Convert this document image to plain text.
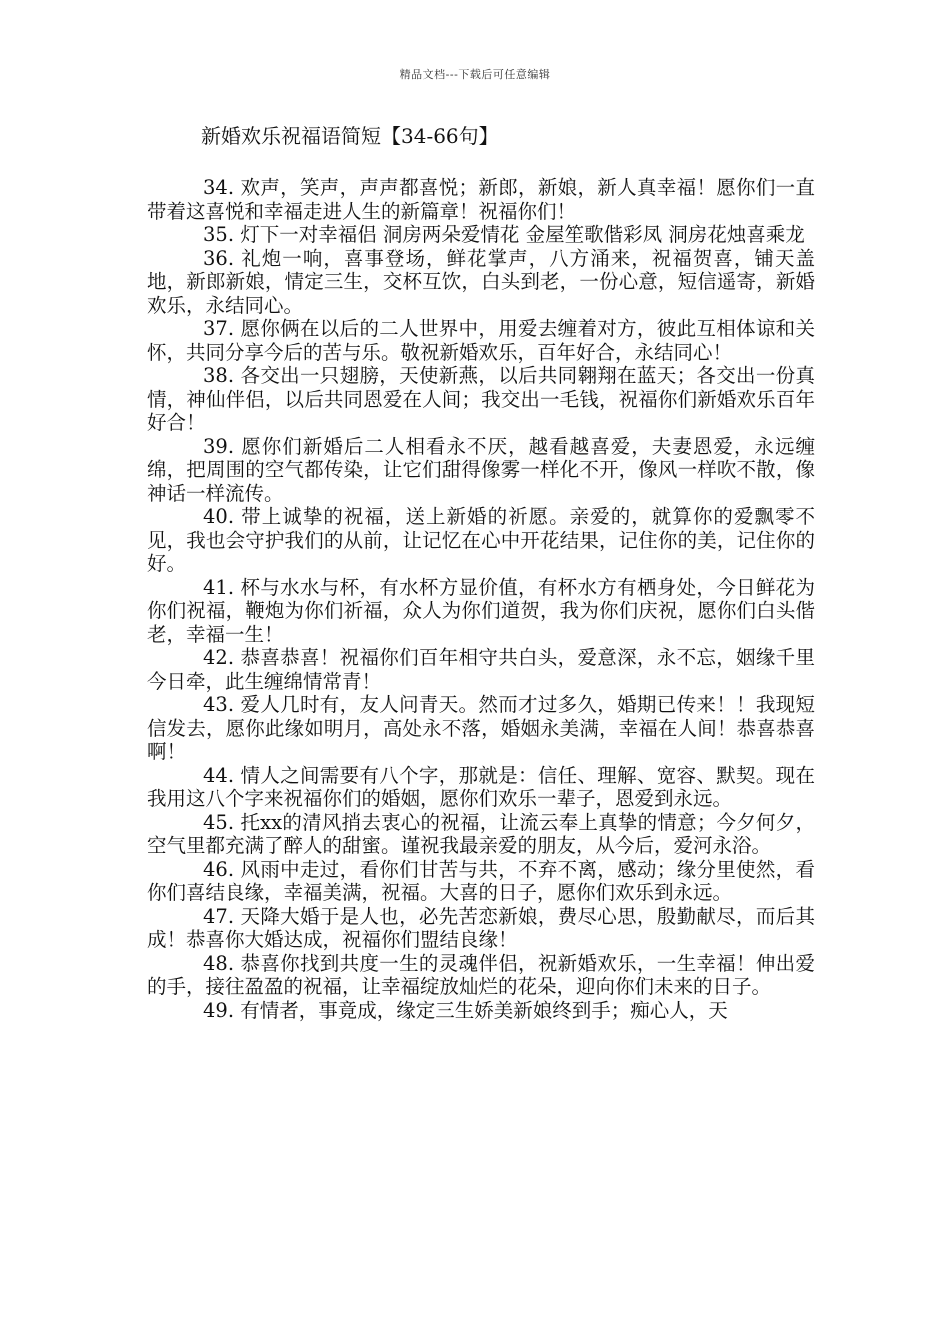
精品文档---下载后可任意编辑
新婚欢乐祝福语简短【34-66句】

34. 欢声，笑声，声声都喜悦；新郎，新娘，新人真幸福！愿你们一直带着这喜悦和幸福走进人生的新篇章！祝福你们！

35. 灯下一对幸福侣 洞房两朵爱情花 金屋笙歌偕彩凤 洞房花烛喜乘龙

36. 礼炮一响，喜事登场，鲜花掌声，八方涌来，祝福贺喜，铺天盖地，新郎新娘，情定三生，交杯互饮，白头到老，一份心意，短信遥寄，新婚欢乐，永结同心。

37. 愿你俩在以后的二人世界中，用爱去缠着对方，彼此互相体谅和关怀，共同分享今后的苦与乐。敬祝新婚欢乐，百年好合，永结同心！

38. 各交出一只翅膀，天使新燕，以后共同翱翔在蓝天；各交出一份真情，神仙伴侣，以后共同恩爱在人间；我交出一毛钱，祝福你们新婚欢乐百年好合！

39. 愿你们新婚后二人相看永不厌，越看越喜爱，夫妻恩爱，永远缠绵，把周围的空气都传染，让它们甜得像雾一样化不开，像风一样吹不散，像神话一样流传。

40. 带上诚挚的祝福，送上新婚的祈愿。亲爱的，就算你的爱飘零不见，我也会守护我们的从前，让记忆在心中开花结果，记住你的美，记住你的好。

41. 杯与水水与杯，有水杯方显价值，有杯水方有栖身处，今日鲜花为你们祝福，鞭炮为你们祈福，众人为你们道贺，我为你们庆祝，愿你们白头偕老，幸福一生！

42. 恭喜恭喜！祝福你们百年相守共白头，爱意深，永不忘，姻缘千里今日牵，此生缠绵情常青！

43. 爱人几时有，友人问青天。然而才过多久，婚期已传来！！我现短信发去，愿你此缘如明月，高处永不落，婚姻永美满，幸福在人间！恭喜恭喜啊！

44. 情人之间需要有八个字，那就是：信任、理解、宽容、默契。现在我用这八个字来祝福你们的婚姻，愿你们欢乐一辈子，恩爱到永远。

45. 托xx的清风捎去衷心的祝福，让流云奉上真挚的情意；今夕何夕，空气里都充满了醉人的甜蜜。谨祝我最亲爱的朋友，从今后，爱河永浴。

46. 风雨中走过，看你们甘苦与共，不弃不离，感动；缘分里使然，看你们喜结良缘，幸福美满，祝福。大喜的日子，愿你们欢乐到永远。

47. 天降大婚于是人也，必先苦恋新娘，费尽心思，殷勤献尽，而后其成！恭喜你大婚达成，祝福你们盟结良缘！

48. 恭喜你找到共度一生的灵魂伴侣，祝新婚欢乐，一生幸福！伸出爱的手，接往盈盈的祝福，让幸福绽放灿烂的花朵，迎向你们未来的日子。

49. 有情者，事竟成，缘定三生娇美新娘终到手；痴心人，天
